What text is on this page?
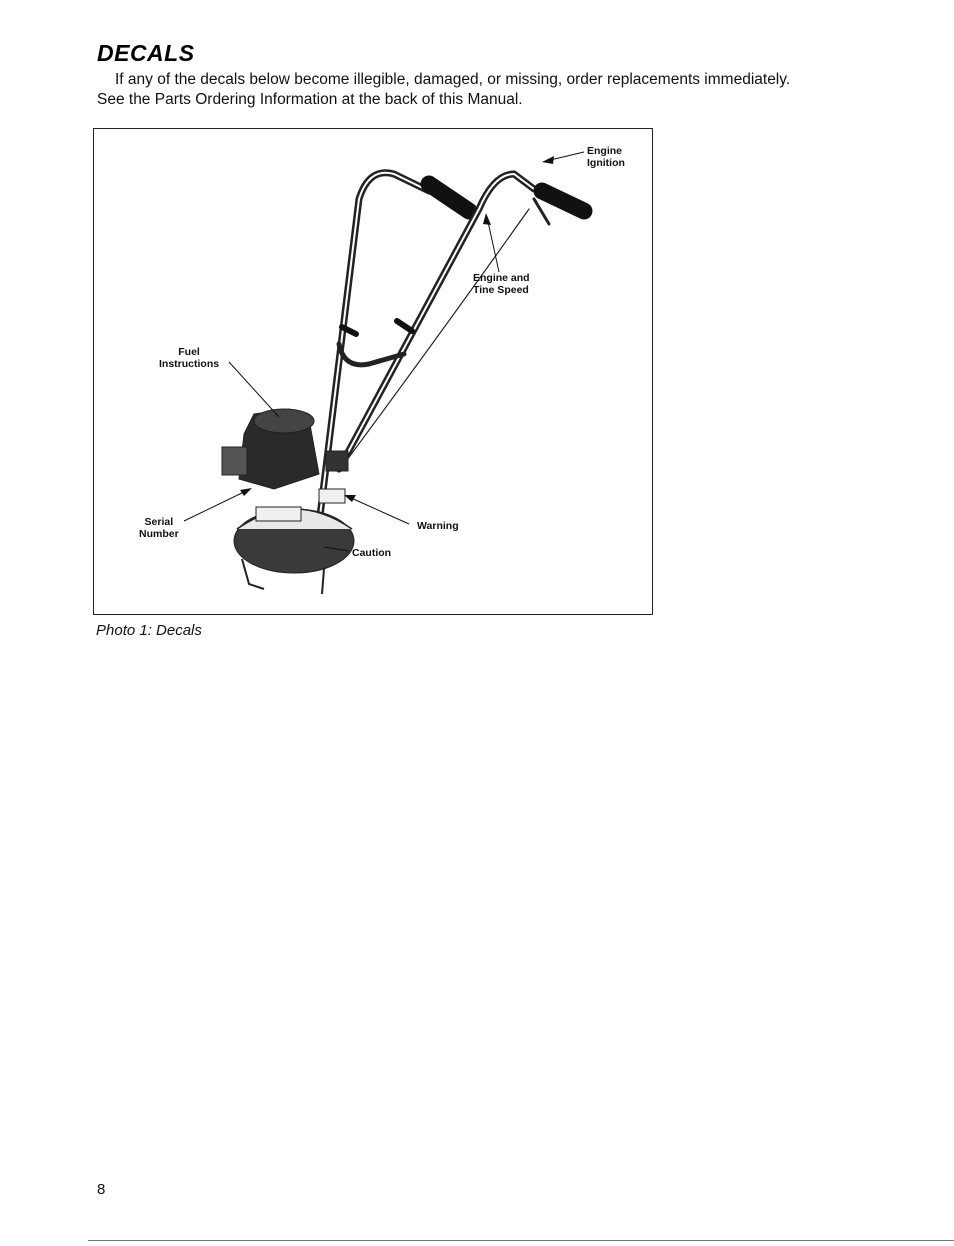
DECALS
If any of the decals below become illegible, damaged, or missing, order replacements immediately.
See the Parts Ordering Information at the back of this Manual.
Engine
Ignition
Engine and
Tine Speed
Fuel
Instructions
Serial
Number
Warning
Caution
Photo 1: Decals
8
